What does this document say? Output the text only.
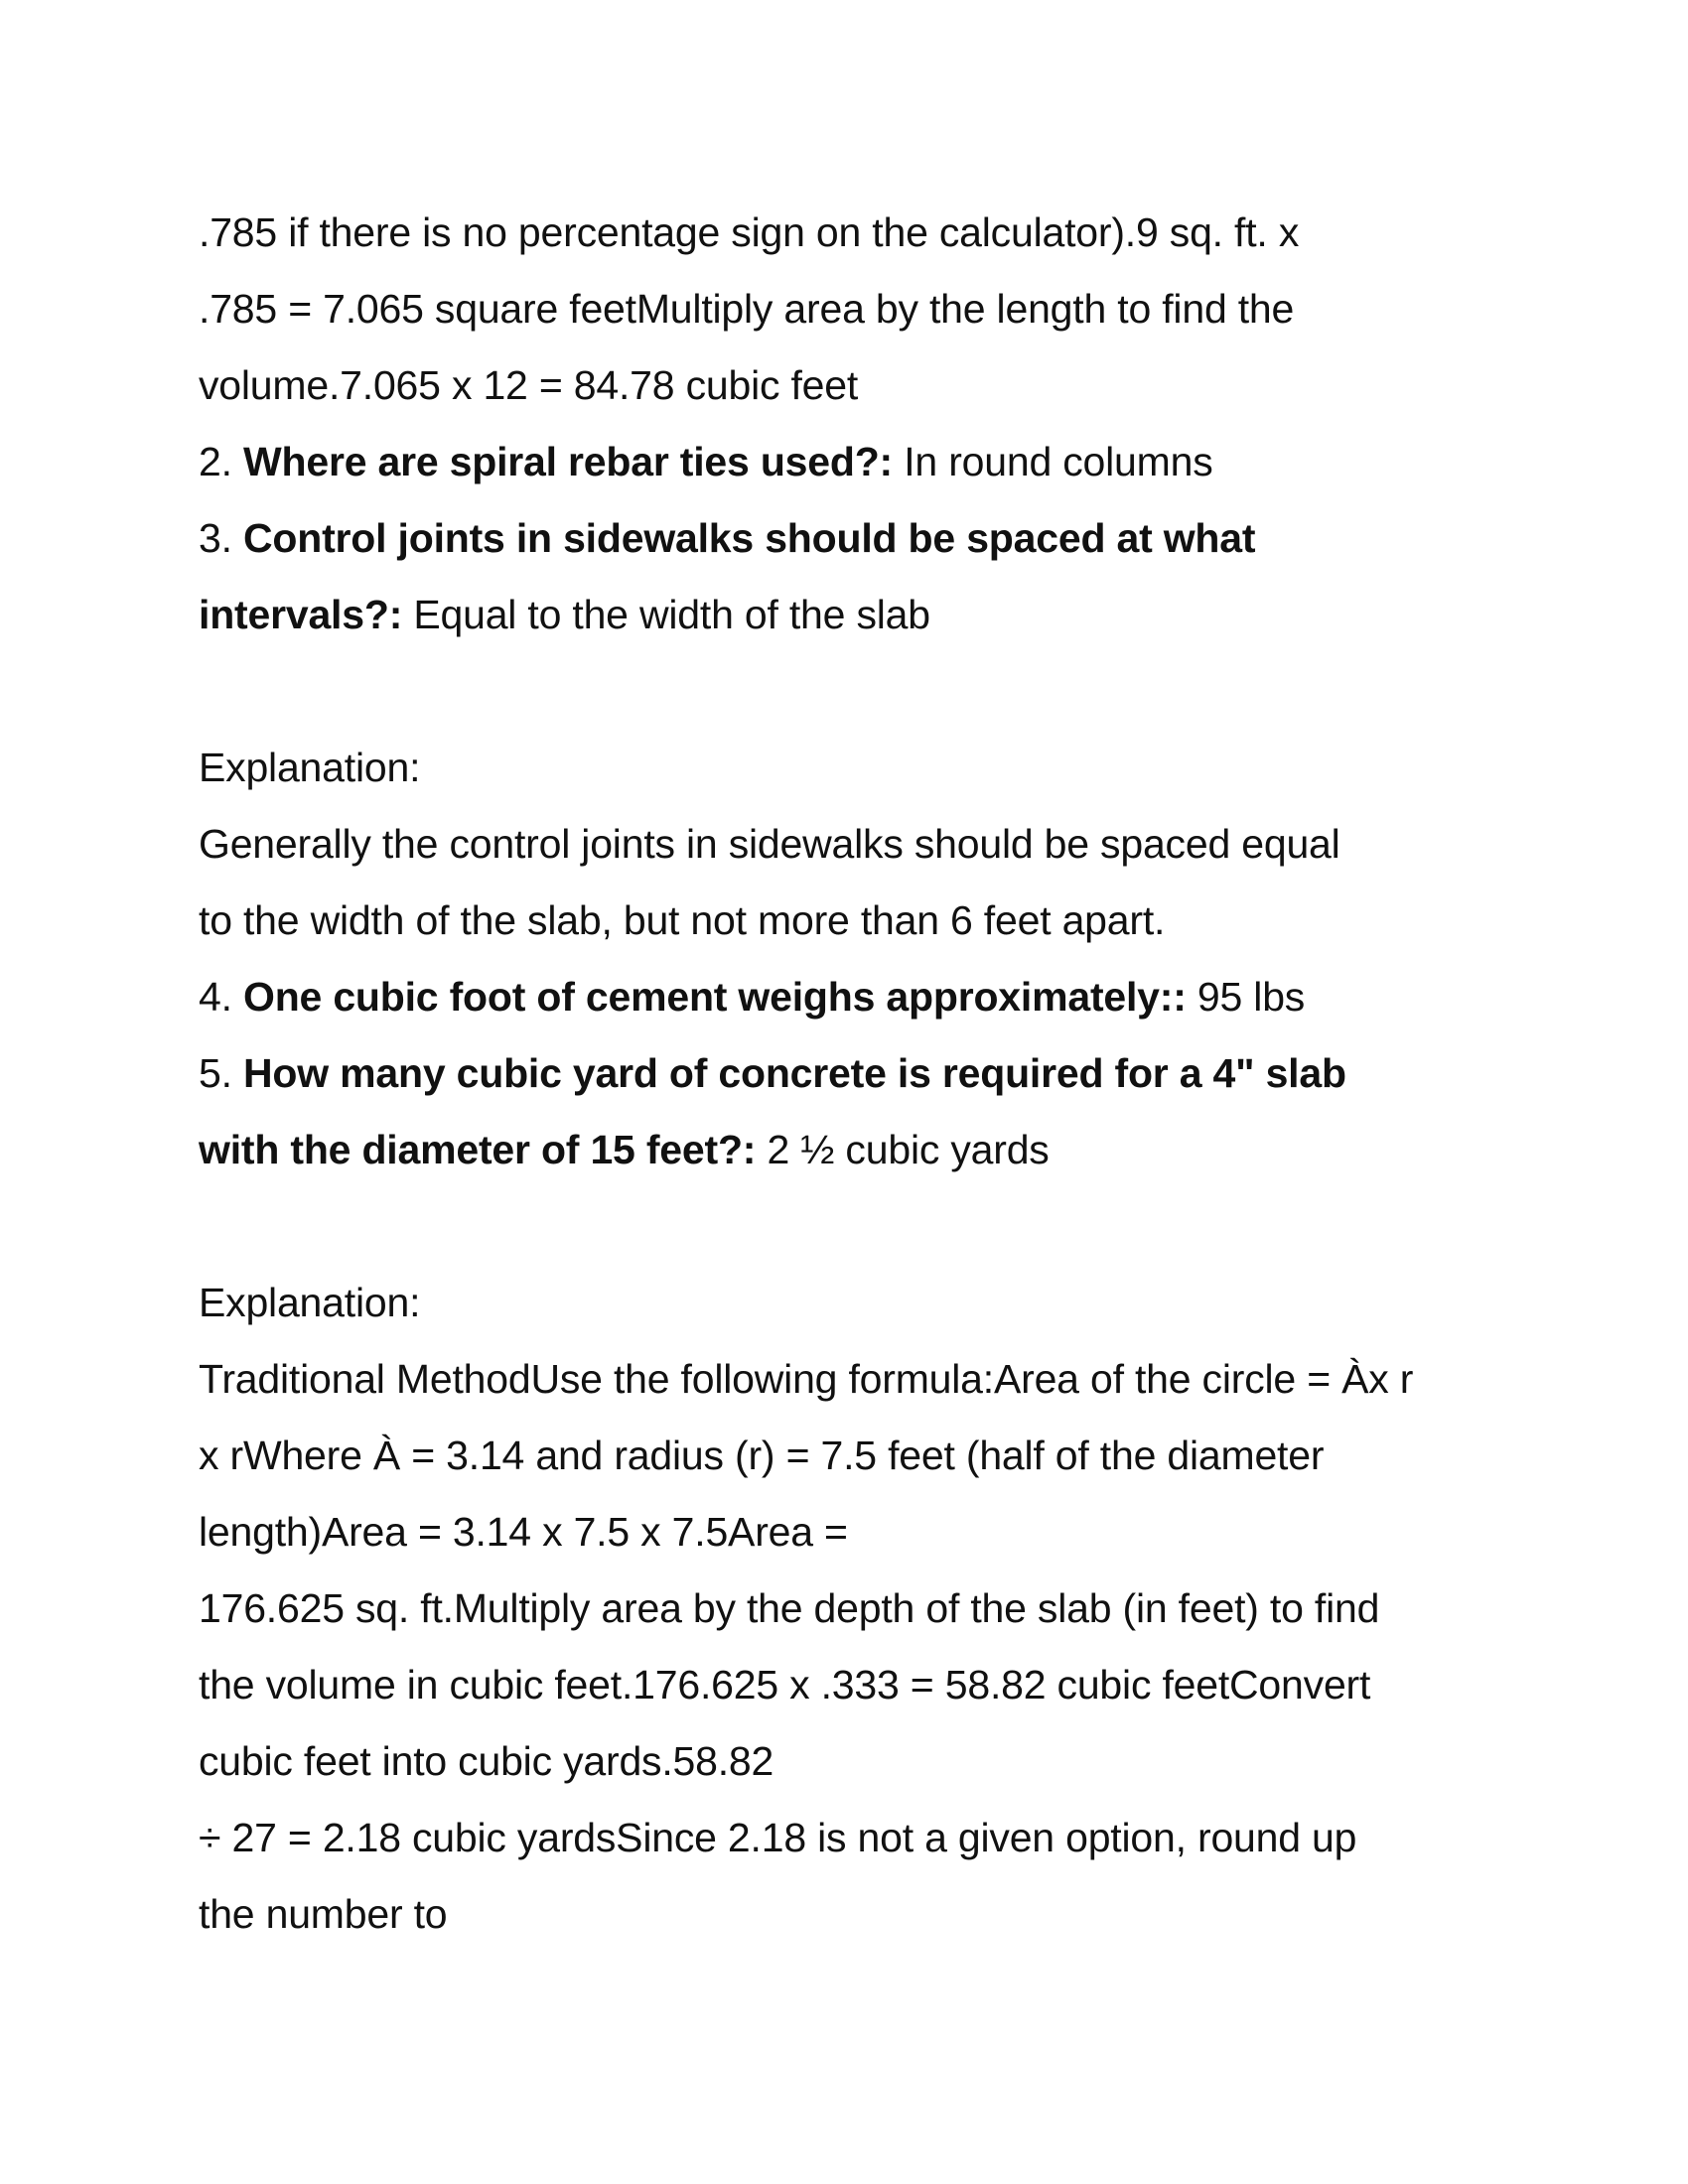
.785 if there is no percentage sign on the calculator).9 sq. ft. x
.785 = 7.065 square feetMultiply area by the length to find the
volume.7.065 x 12 = 84.78 cubic feet
2. Where are spiral rebar ties used?: In round columns
3. Control joints in sidewalks should be spaced at what
intervals?: Equal to the width of the slab
Explanation:
Generally the control joints in sidewalks should be spaced equal
to the width of the slab, but not more than 6 feet apart.
4. One cubic foot of cement weighs approximately:: 95 lbs
5. How many cubic yard of concrete is required for a 4" slab
with the diameter of 15 feet?: 2 ½ cubic yards
Explanation:
Traditional MethodUse the following formula:Area of the circle = Àx r
x rWhere À = 3.14 and radius (r) = 7.5 feet (half of the diameter
length)Area = 3.14 x 7.5 x 7.5Area =
176.625 sq. ft.Multiply area by the depth of the slab (in feet) to find
the volume in cubic feet.176.625 x .333 = 58.82 cubic feetConvert
cubic feet into cubic yards.58.82
÷ 27 = 2.18 cubic yardsSince 2.18 is not a given option, round up
the number to
